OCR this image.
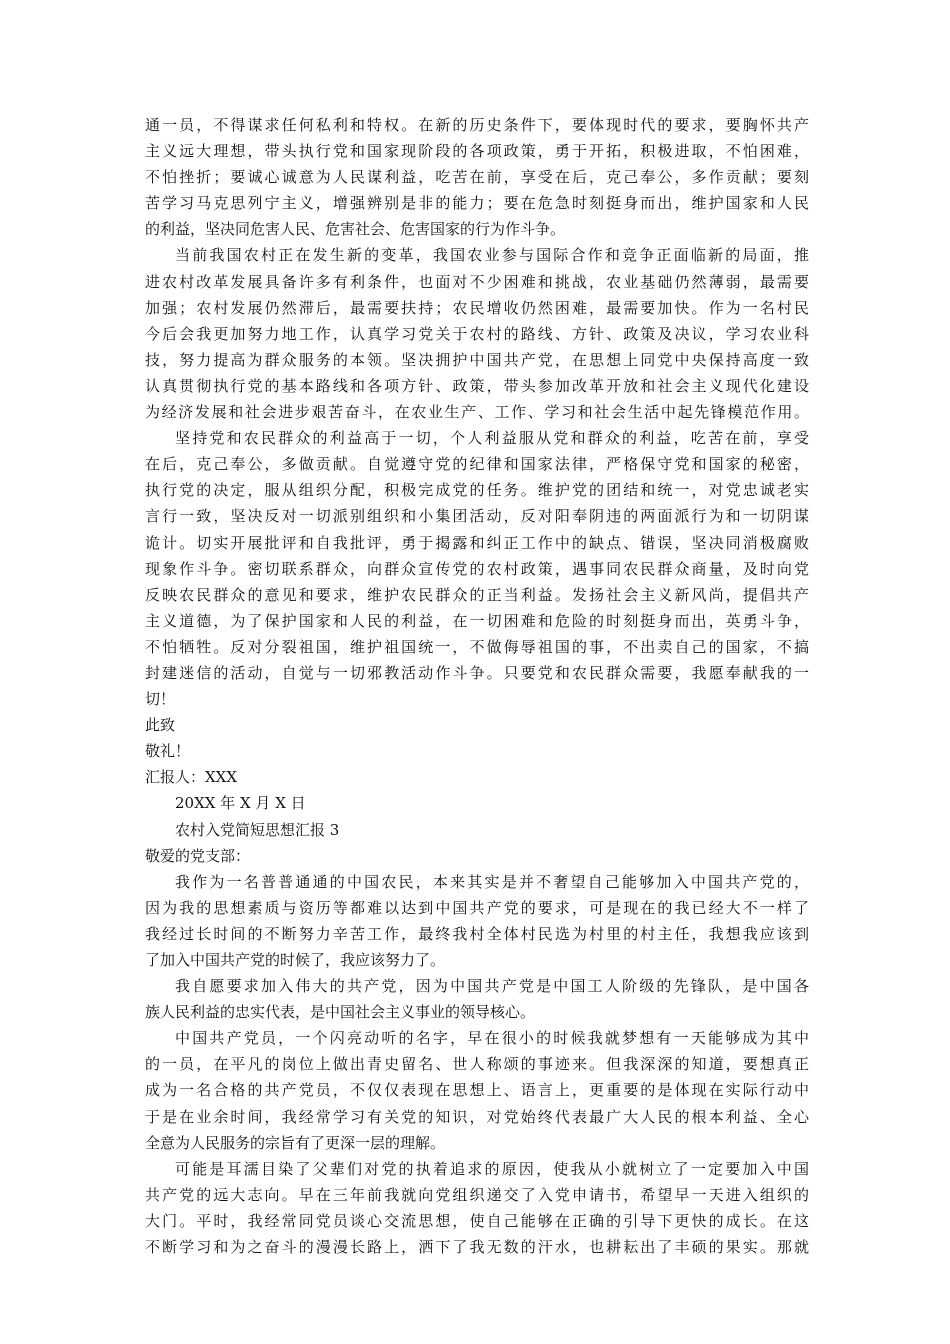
通一员，不得谋求任何私利和特权。在新的历史条件下，要体现时代的要求，要胸怀共产
主义远大理想，带头执行党和国家现阶段的各项政策，勇于开拓，积极进取，不怕困难，
不怕挫折；要诚心诚意为人民谋利益，吃苦在前，享受在后，克己奉公，多作贡献；要刻
苦学习马克思列宁主义，增强辨别是非的能力；要在危急时刻挺身而出，维护国家和人民
的利益，坚决同危害人民、危害社会、危害国家的行为作斗争。
当前我国农村正在发生新的变革，我国农业参与国际合作和竞争正面临新的局面，推
进农村改革发展具备许多有利条件，也面对不少困难和挑战，农业基础仍然薄弱，最需要
加强；农村发展仍然滞后，最需要扶持；农民增收仍然困难，最需要加快。作为一名村民
今后会我更加努力地工作，认真学习党关于农村的路线、方针、政策及决议，学习农业科
技，努力提高为群众服务的本领。坚决拥护中国共产党，在思想上同党中央保持高度一致
认真贯彻执行党的基本路线和各项方针、政策，带头参加改革开放和社会主义现代化建设
为经济发展和社会进步艰苦奋斗，在农业生产、工作、学习和社会生活中起先锋模范作用。
坚持党和农民群众的利益高于一切，个人利益服从党和群众的利益，吃苦在前，享受
在后，克己奉公，多做贡献。自觉遵守党的纪律和国家法律，严格保守党和国家的秘密，
执行党的决定，服从组织分配，积极完成党的任务。维护党的团结和统一，对党忠诚老实
言行一致，坚决反对一切派别组织和小集团活动，反对阳奉阴违的两面派行为和一切阴谋
诡计。切实开展批评和自我批评，勇于揭露和纠正工作中的缺点、错误，坚决同消极腐败
现象作斗争。密切联系群众，向群众宣传党的农村政策，遇事同农民群众商量，及时向党
反映农民群众的意见和要求，维护农民群众的正当利益。发扬社会主义新风尚，提倡共产
主义道德，为了保护国家和人民的利益，在一切困难和危险的时刻挺身而出，英勇斗争，
不怕牺牲。反对分裂祖国，维护祖国统一，不做侮辱祖国的事，不出卖自己的国家，不搞
封建迷信的活动，自觉与一切邪教活动作斗争。只要党和农民群众需要，我愿奉献我的一
切！
此致
敬礼！
汇报人：XXX
20XX 年 X 月 X 日
农村入党简短思想汇报 3
敬爱的党支部：
我作为一名普普通通的中国农民，本来其实是并不奢望自己能够加入中国共产党的，
因为我的思想素质与资历等都难以达到中国共产党的要求，可是现在的我已经大不一样了
我经过长时间的不断努力辛苦工作，最终我村全体村民选为村里的村主任，我想我应该到
了加入中国共产党的时候了，我应该努力了。
我自愿要求加入伟大的共产党，因为中国共产党是中国工人阶级的先锋队，是中国各
族人民利益的忠实代表，是中国社会主义事业的领导核心。
中国共产党员，一个闪亮动听的名字，早在很小的时候我就梦想有一天能够成为其中
的一员，在平凡的岗位上做出青史留名、世人称颂的事迹来。但我深深的知道，要想真正
成为一名合格的共产党员，不仅仅表现在思想上、语言上，更重要的是体现在实际行动中
于是在业余时间，我经常学习有关党的知识，对党始终代表最广大人民的根本利益、全心
全意为人民服务的宗旨有了更深一层的理解。
可能是耳濡目染了父辈们对党的执着追求的原因，使我从小就树立了一定要加入中国
共产党的远大志向。早在三年前我就向党组织递交了入党申请书，希望早一天进入组织的
大门。平时，我经常同党员谈心交流思想，使自己能够在正确的引导下更快的成长。在这
不断学习和为之奋斗的漫漫长路上，洒下了我无数的汗水，也耕耘出了丰硕的果实。那就
